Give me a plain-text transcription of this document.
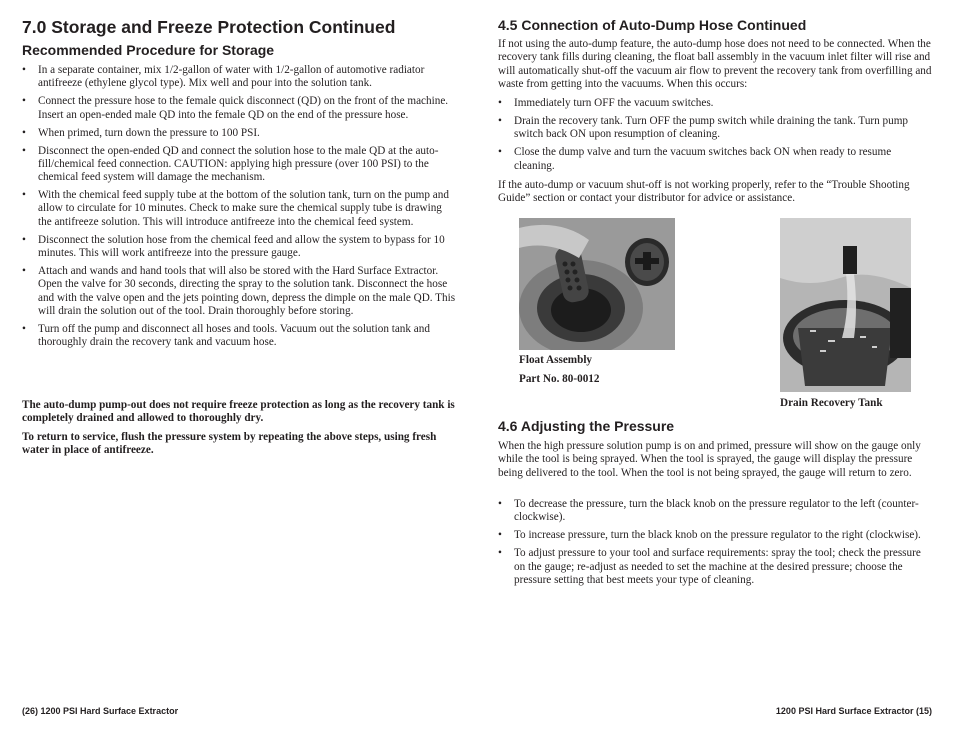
7.0 Storage and Freeze Protection Continued
Recommended Procedure for Storage
• In a separate container, mix 1/2-gallon of water with 1/2-gallon of automotive radiator antifreeze (ethylene glycol type). Mix well and pour into the solution tank.
• Connect the pressure hose to the female quick disconnect (QD) on the front of the machine. Insert an open-ended male QD into the female QD on the end of the pressure hose.
• When primed, turn down the pressure to 100 PSI.
• Disconnect the open-ended QD and connect the solution hose to the male QD at the auto-fill/chemical feed connection. CAUTION: applying high pressure (over 100 PSI) to the chemical feed system will damage the mechanism.
• With the chemical feed supply tube at the bottom of the solution tank, turn on the pump and allow to circulate for 10 minutes. Check to make sure the chemical supply tube is drawing the antifreeze solution. This will introduce antifreeze into the chemical feed system.
• Disconnect the solution hose from the chemical feed and allow the system to bypass for 10 minutes. This will work antifreeze into the pressure gauge.
• Attach and wands and hand tools that will also be stored with the Hard Surface Extractor. Open the valve for 30 seconds, directing the spray to the solution tank. Disconnect the hose and with the valve open and the jets pointing down, depress the dimple on the male QD. This will drain the solution out of the tool. Drain thoroughly before storing.
• Turn off the pump and disconnect all hoses and tools. Vacuum out the solution tank and thoroughly drain the recovery tank and vacuum hose.

The auto-dump pump-out does not require freeze protection as long as the recovery tank is completely drained and allowed to thoroughly dry.

To return to service, flush the pressure system by repeating the above steps, using fresh water in place of antifreeze.

(26) 1200 PSI Hard Surface Extractor
4.5 Connection of Auto-Dump Hose Continued

If not using the auto-dump feature, the auto-dump hose does not need to be connected. When the recovery tank fills during cleaning, the float ball assembly in the vacuum inlet filter will rise and will automatically shut-off the vacuum air flow to prevent the recovery tank from overfilling and waste from getting into the vacuums. When this occurs:

• Immediately turn OFF the vacuum switches.
• Drain the recovery tank. Turn OFF the pump switch while draining the tank. Turn pump switch back ON upon resumption of cleaning.
• Close the dump valve and turn the vacuum switches back ON when ready to resume cleaning.

If the auto-dump or vacuum shut-off is not working properly, refer to the “Trouble Shooting Guide” section or contact your distributor for advice or assistance.

Float Assembly
Part No. 80-0012
Drain Recovery Tank
4.6 Adjusting the Pressure

When the high pressure solution pump is on and primed, pressure will show on the gauge only while the tool is being sprayed. When the tool is sprayed, the gauge will display the pressure being delivered to the tool. When the tool is not being sprayed, the gauge will return to zero.

• To decrease the pressure, turn the black knob on the pressure regulator to the left (counter-clockwise).
• To increase pressure, turn the black knob on the pressure regulator to the right (clockwise).
• To adjust pressure to your tool and surface requirements: spray the tool; check the pressure on the gauge; re-adjust as needed to set the machine at the desired pressure; choose the pressure setting that best meets your type of cleaning.
1200 PSI Hard Surface Extractor (15)
